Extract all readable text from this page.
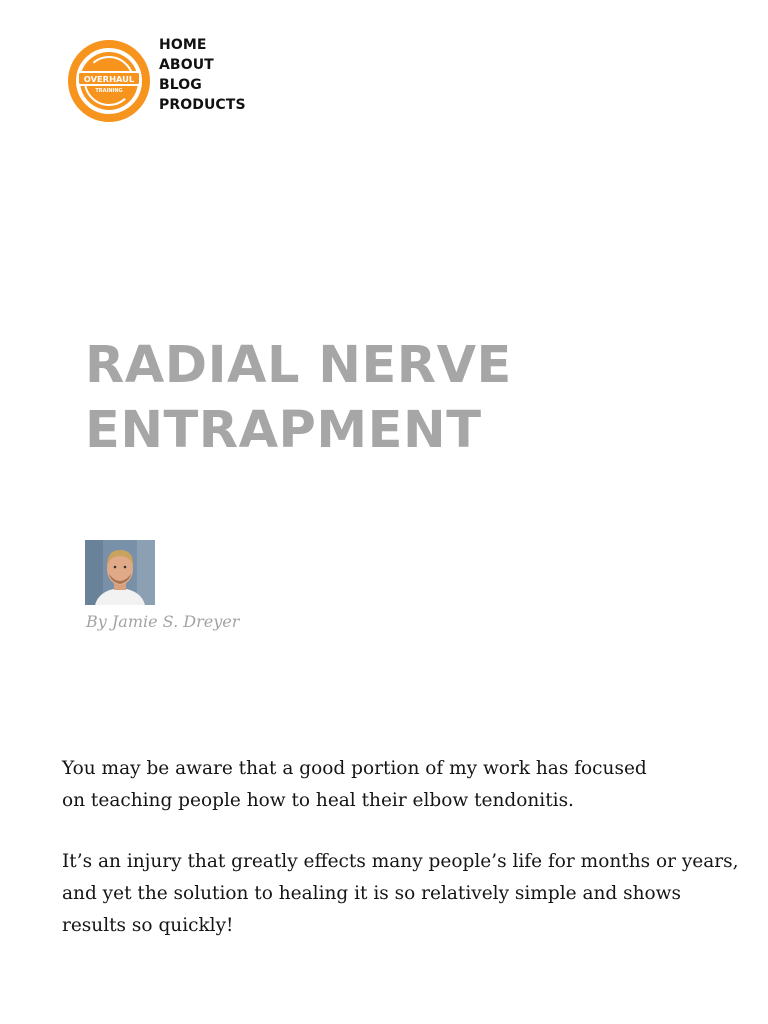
OVERHAUL
TRAINING
HOME
ABOUT
BLOG
PRODUCTS
RADIAL NERVE
ENTRAPMENT
By Jamie S. Dreyer

You may be aware that a good portion of my work has focused
on teaching people how to heal their elbow tendonitis.

It’s an injury that greatly effects many people’s life for months or years,
and yet the solution to healing it is so relatively simple and shows
results so quickly!
